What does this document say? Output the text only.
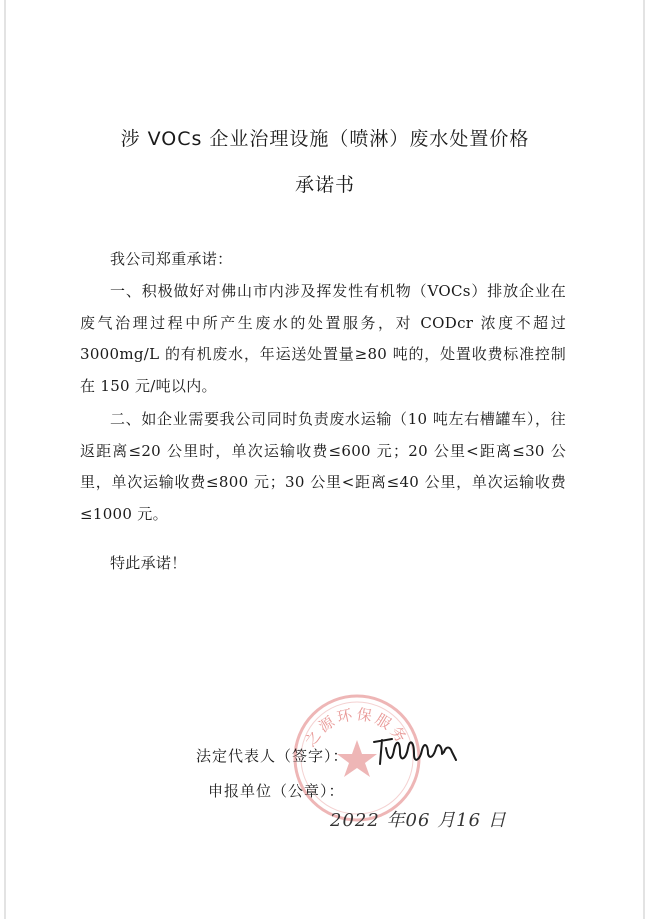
涉 VOCs 企业治理设施（喷淋）废水处置价格
承诺书
我公司郑重承诺：
一、积极做好对佛山市内涉及挥发性有机物（VOCs）排放企业在废气治理过程中所产生废水的处置服务，对 CODcr 浓度不超过 3000mg/L 的有机废水，年运送处置量≥80 吨的，处置收费标准控制在 150 元/吨以内。
二、如企业需要我公司同时负责废水运输（10 吨左右槽罐车），往返距离≤20 公里时，单次运输收费≤600 元；20 公里<距离≤30 公里，单次运输收费≤800 元；30 公里<距离≤40 公里，单次运输收费≤1000 元。
特此承诺！
之源环保服务
法定代表人（签字）：
申报单位（公章）：
2022 年06 月16 日
